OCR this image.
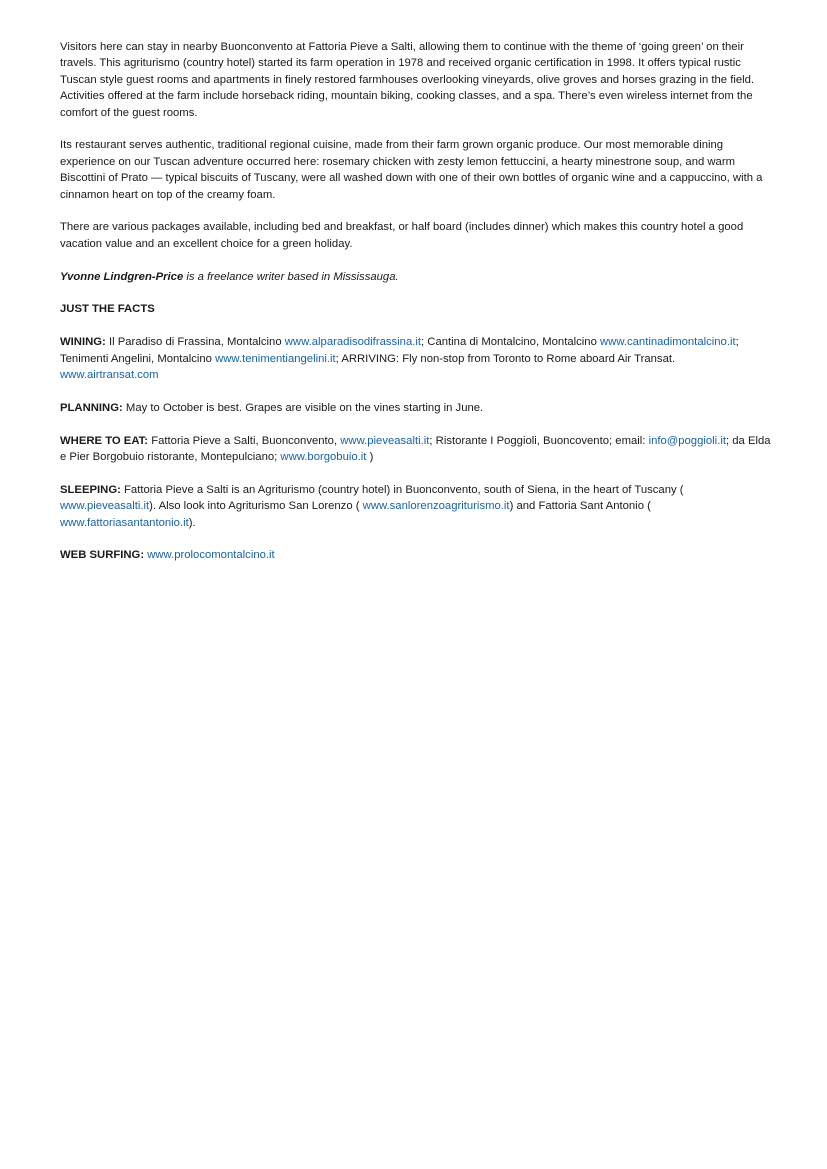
Visitors here can stay in nearby Buonconvento at Fattoria Pieve a Salti, allowing them to continue with the theme of ‘going green’ on their travels. This agriturismo (country hotel) started its farm operation in 1978 and received organic certification in 1998. It offers typical rustic Tuscan style guest rooms and apartments in finely restored farmhouses overlooking vineyards, olive groves and horses grazing in the field. Activities offered at the farm include horseback riding, mountain biking, cooking classes, and a spa. There’s even wireless internet from the comfort of the guest rooms.

Its restaurant serves authentic, traditional regional cuisine, made from their farm grown organic produce. Our most memorable dining experience on our Tuscan adventure occurred here: rosemary chicken with zesty lemon fettuccini, a hearty minestrone soup, and warm Biscottini of Prato — typical biscuits of Tuscany, were all washed down with one of their own bottles of organic wine and a cappuccino, with a cinnamon heart on top of the creamy foam.

There are various packages available, including bed and breakfast, or half board (includes dinner) which makes this country hotel a good vacation value and an excellent choice for a green holiday.

Yvonne Lindgren-Price is a freelance writer based in Mississauga.

JUST THE FACTS

WINING: Il Paradiso di Frassina, Montalcino www.alparadisodifrassina.it; Cantina di Montalcino, Montalcino www.cantinadimontalcino.it; Tenimenti Angelini, Montalcino www.tenimentiangelini.it; ARRIVING: Fly non-stop from Toronto to Rome aboard Air Transat. www.airtransat.com

PLANNING: May to October is best. Grapes are visible on the vines starting in June.

WHERE TO EAT: Fattoria Pieve a Salti, Buonconvento, www.pieveasalti.it; Ristorante I Poggioli, Buoncovento; email: info@poggioli.it; da Elda e Pier Borgobuio ristorante, Montepulciano; www.borgobuio.it )

SLEEPING: Fattoria Pieve a Salti is an Agriturismo (country hotel) in Buonconvento, south of Siena, in the heart of Tuscany ( www.pieveasalti.it). Also look into Agriturismo San Lorenzo ( www.sanlorenzoagriturismo.it) and Fattoria Sant Antonio ( www.fattoriasantantonio.it).

WEB SURFING: www.prolocomontalcino.it
